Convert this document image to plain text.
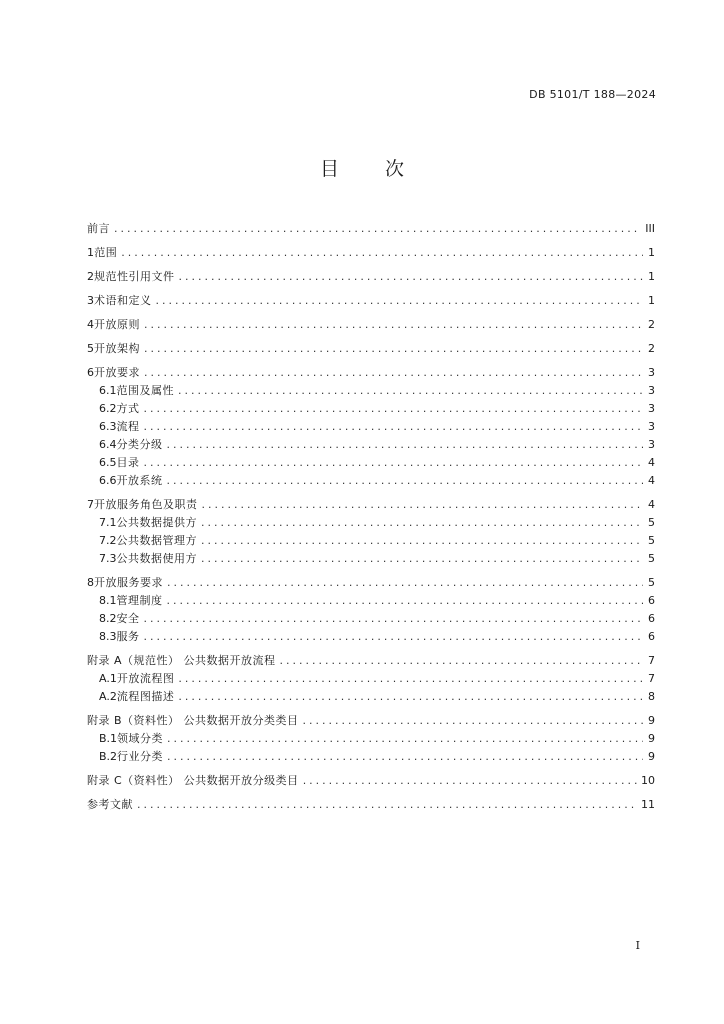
DB 5101/T 188—2024
目 次
前言 .....	III
1 范围 .....	1
2 规范性引用文件 .....	1
3 术语和定义 .....	1
4 开放原则 .....	2
5 开放架构 .....	2
6 开放要求 .....	3
6.1 范围及属性 .....	3
6.2 方式 .....	3
6.3 流程 .....	3
6.4 分类分级 .....	3
6.5 目录 .....	4
6.6 开放系统 .....	4
7 开放服务角色及职责 .....	4
7.1 公共数据提供方 .....	5
7.2 公共数据管理方 .....	5
7.3 公共数据使用方 .....	5
8 开放服务要求 .....	5
8.1 管理制度 .....	6
8.2 安全 .....	6
8.3 服务 .....	6
附录 A（规范性） 公共数据开放流程 .....	7
A.1 开放流程图 .....	7
A.2 流程图描述 .....	8
附录 B（资料性） 公共数据开放分类类目 .....	9
B.1 领域分类 .....	9
B.2 行业分类 .....	9
附录 C（资料性） 公共数据开放分级类目 .....	10
参考文献 .....	11
I
